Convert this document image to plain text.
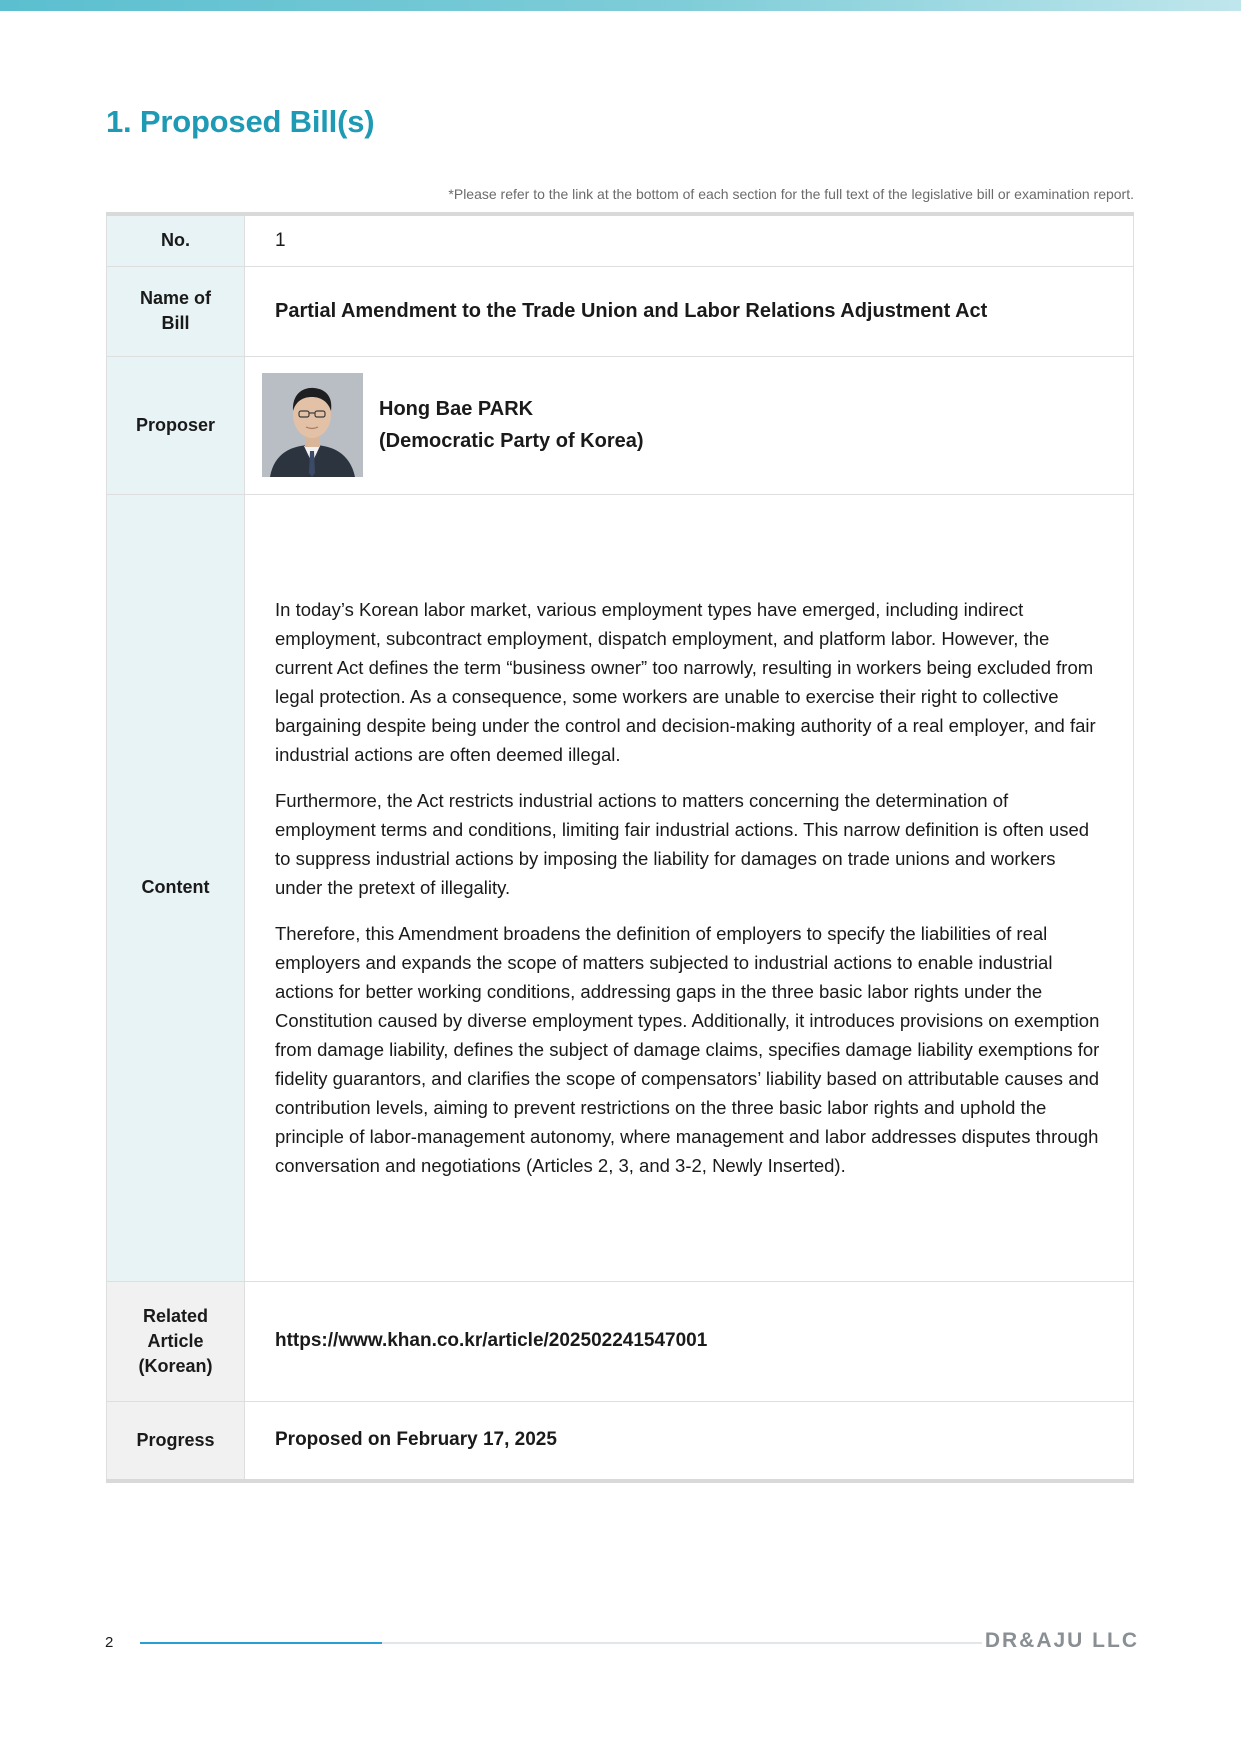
1. Proposed Bill(s)
*Please refer to the link at the bottom of each section for the full text of the legislative bill or examination report.
No.	1
Name of Bill	Partial Amendment to the Trade Union and Labor Relations Adjustment Act
Proposer	Hong Bae PARK
(Democratic Party of Korea)

Content	In today’s Korean labor market, various employment types have emerged, including indirect employment, subcontract employment, dispatch employment, and platform labor. However, the current Act defines the term “business owner” too narrowly, resulting in workers being excluded from legal protection. As a consequence, some workers are unable to exercise their right to collective bargaining despite being under the control and decision-making authority of a real employer, and fair industrial actions are often deemed illegal.

Furthermore, the Act restricts industrial actions to matters concerning the determination of employment terms and conditions, limiting fair industrial actions. This narrow definition is often used to suppress industrial actions by imposing the liability for damages on trade unions and workers under the pretext of illegality.

Therefore, this Amendment broadens the definition of employers to specify the liabilities of real employers and expands the scope of matters subjected to industrial actions to enable industrial actions for better working conditions, addressing gaps in the three basic labor rights under the Constitution caused by diverse employment types. Additionally, it introduces provisions on exemption from damage liability, defines the subject of damage claims, specifies damage liability exemptions for fidelity guarantors, and clarifies the scope of compensators’ liability based on attributable causes and contribution levels, aiming to prevent restrictions on the three basic labor rights and uphold the principle of labor-management autonomy, where management and labor addresses disputes through conversation and negotiations (Articles 2, 3, and 3-2, Newly Inserted).

Related Article (Korean)	https://www.khan.co.kr/article/202502241547001
Progress	Proposed on February 17, 2025
2	DR&AJU LLC
